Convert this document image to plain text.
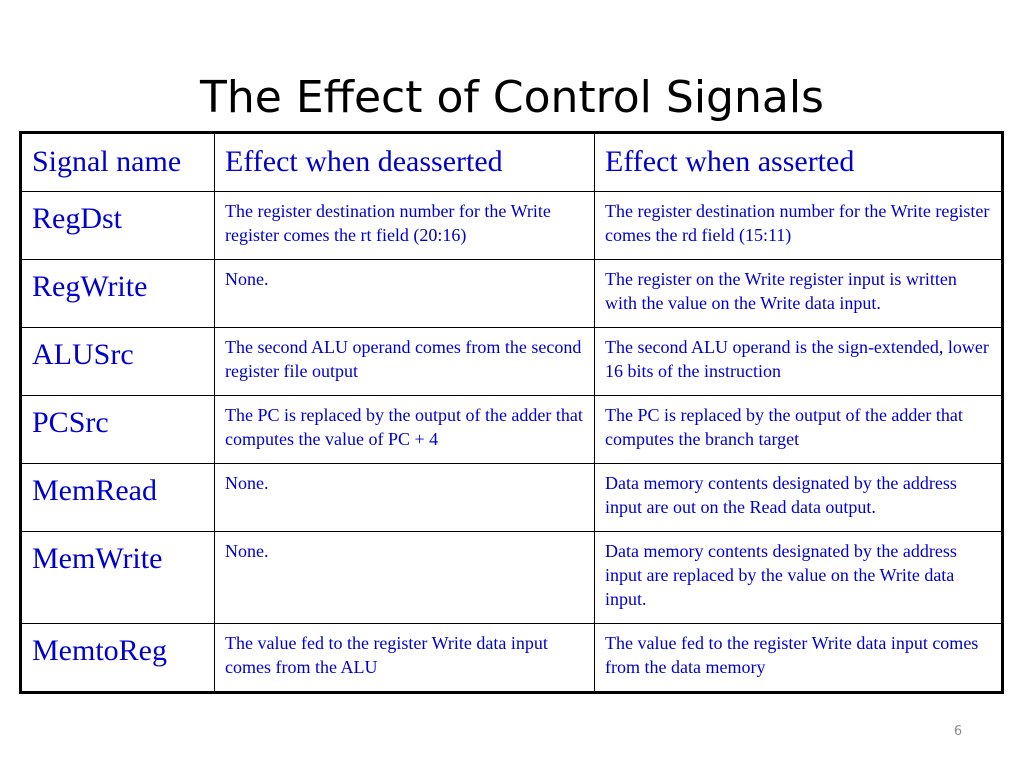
The Effect of Control Signals
Signal name	Effect when deasserted	Effect when asserted
RegDst	The register destination number for the Write register comes the rt field (20:16)	The register destination number for the Write register comes the rd field (15:11)
RegWrite	None.	The register on the Write register input is written with the value on the Write data input.
ALUSrc	The second ALU operand comes from the second register file output	The second ALU operand is the sign-extended, lower 16 bits of the instruction
PCSrc	The PC is replaced by the output of the adder that computes the value of PC + 4	The PC is replaced by the output of the adder that computes the branch target
MemRead	None.	Data memory contents designated by the address input are out on the Read data output.
MemWrite	None.	Data memory contents designated by the address input are replaced by the value on the Write data input.
MemtoReg	The value fed to the register Write data input comes from the ALU	The value fed to the register Write data input comes from the data memory
6
